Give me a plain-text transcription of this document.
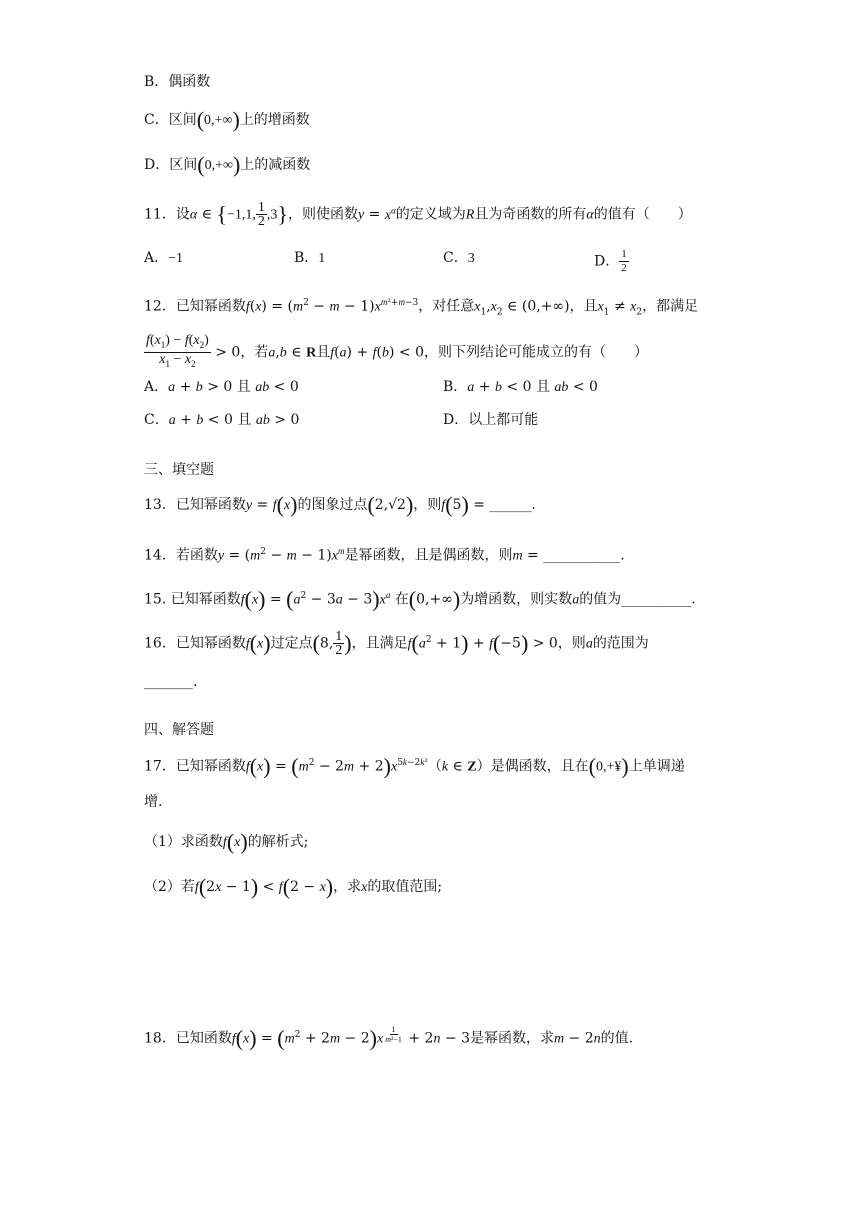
B．偶函数
C．区间(0,+∞)上的增函数
D．区间(0,+∞)上的减函数
11．设α ∈ {−1,1, $\frac{1}{2} ,3$}，则使函数$y = x^\alpha$的定义域为R且为奇函数的所有α的值有（　　）
A．−1	B．1	C．3	D． $\frac{1}{2}$
12．已知幂函数$f(x) = (m^2 - m - 1)x^{m^2+m-3}$，对任意$x_1,x_2$ ∈ (0,+∞)，且$x_1 \ne x_2$，都满足
$\frac{f(x_1) - f(x_2)}{x_1 - x_2} > 0$，若a,b ∈ R且f(a) + f(b) < 0，则下列结论可能成立的有（　　）
A．a + b > 0 且 ab < 0	B．a + b < 0 且 ab < 0
C．a + b < 0 且 ab > 0	D．以上都可能
三、填空题
13．已知幂函数y = f(x)的图象过点(2,√2)，则f(5) = ______.
14．若函数$y = (m^2 - m - 1)x^m$是幂函数，且是偶函数，则m = ___________.
15. 已知幂函数$f(x) = (a^2 - 3a - 3)x^a$ 在(0,+∞)为增函数，则实数a的值为__________.
16．已知幂函数f(x)过定点(8, $\frac{1}{2}$ )，且满足$f(a^2 + 1) + f(-5) > 0$，则a的范围为
_______.
四、解答题
17．已知幂函数$f(x) = (m^2 - 2m + 2)x^{5k-2k^2}(k$ ∈ Z）是偶函数，且在(0,+¥)上单调递
增.
（1）求函数f(x)的解析式;
（2）若f(2x − 1) < f(2 − x)，求x的取值范围;
18．已知函数$f(x) = (m^2 + 2m - 2)x$ $^{\frac{1}{\text{m²−1}}}$ + 2n − 3是幂函数，求m − 2n的值.
